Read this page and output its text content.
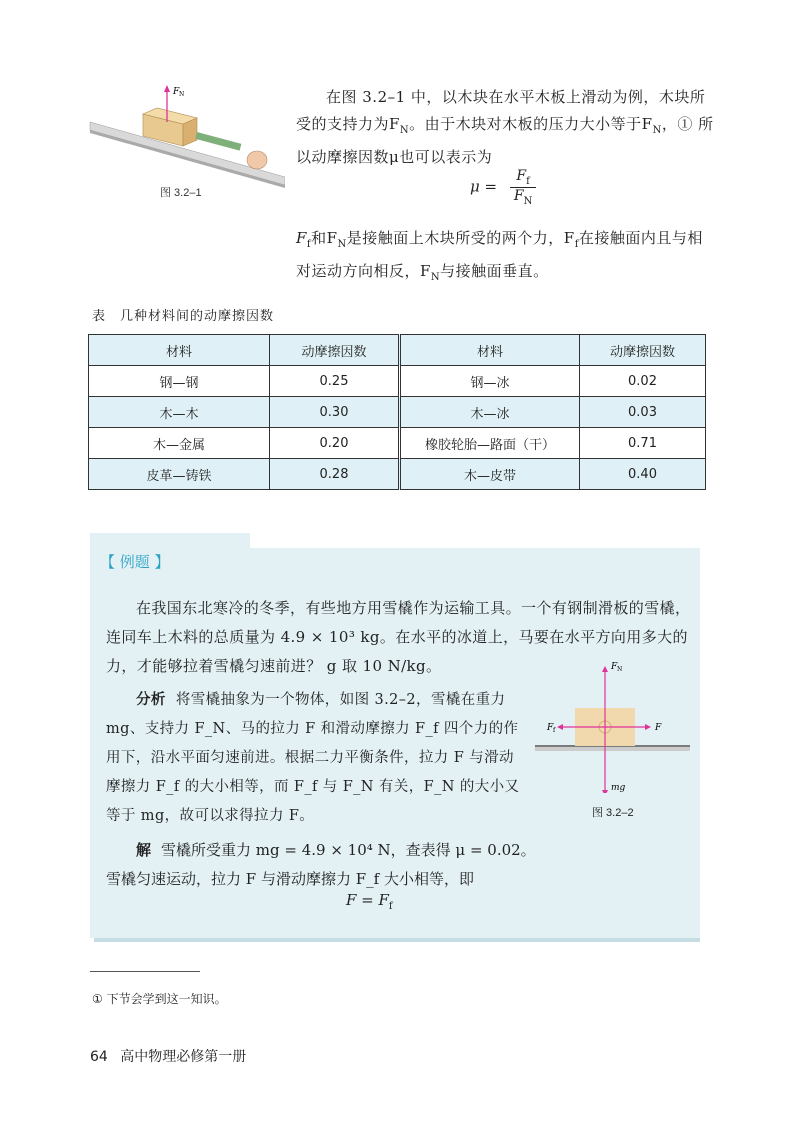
F N
图 3.2–1
在图 3.2–1 中，以木块在水平木板上滑动为例，木块所受的支持力为$F_N$。由于木块对木板的压力大小等于$F_N$，① 所以动摩擦因数μ也可以表示为
$\mu = \frac{F_f}{F_N}$
$F_f$和$F_N$是接触面上木块所受的两个力，$F_f$在接触面内且与相对运动方向相反，$F_N$与接触面垂直。
表　几种材料间的动摩擦因数
材料	动摩擦因数	材料	动摩擦因数
钢—钢	0.25	钢—冰	0.02
木—木	0.30	木—冰	0.03
木—金属	0.20	橡胶轮胎—路面（干）	0.71
皮革—铸铁	0.28	木—皮带	0.40
【 例题 】
在我国东北寒冷的冬季，有些地方用雪橇作为运输工具。一个有钢制滑板的雪橇，连同车上木料的总质量为 4.9 × 10³ kg。在水平的冰道上，马要在水平方向用多大的力，才能够拉着雪橇匀速前进？ g 取 10 N/kg。
分析 将雪橇抽象为一个物体，如图 3.2–2，雪橇在重力 mg、支持力 F_N、马的拉力 F 和滑动摩擦力 F_f 四个力的作用下，沿水平面匀速前进。根据二力平衡条件，拉力 F 与滑动摩擦力 F_f 的大小相等，而 F_f 与 F_N 有关，F_N 的大小又等于 mg，故可以求得拉力 F。
F N
F f	F
mg
图 3.2–2
解 雪橇所受重力 mg = 4.9 × 10⁴ N，查表得 μ = 0.02。
雪橇匀速运动，拉力 F 与滑动摩擦力 F_f 大小相等，即
$F = F_f$
① 下节会学到这一知识。
64 高中物理必修第一册
